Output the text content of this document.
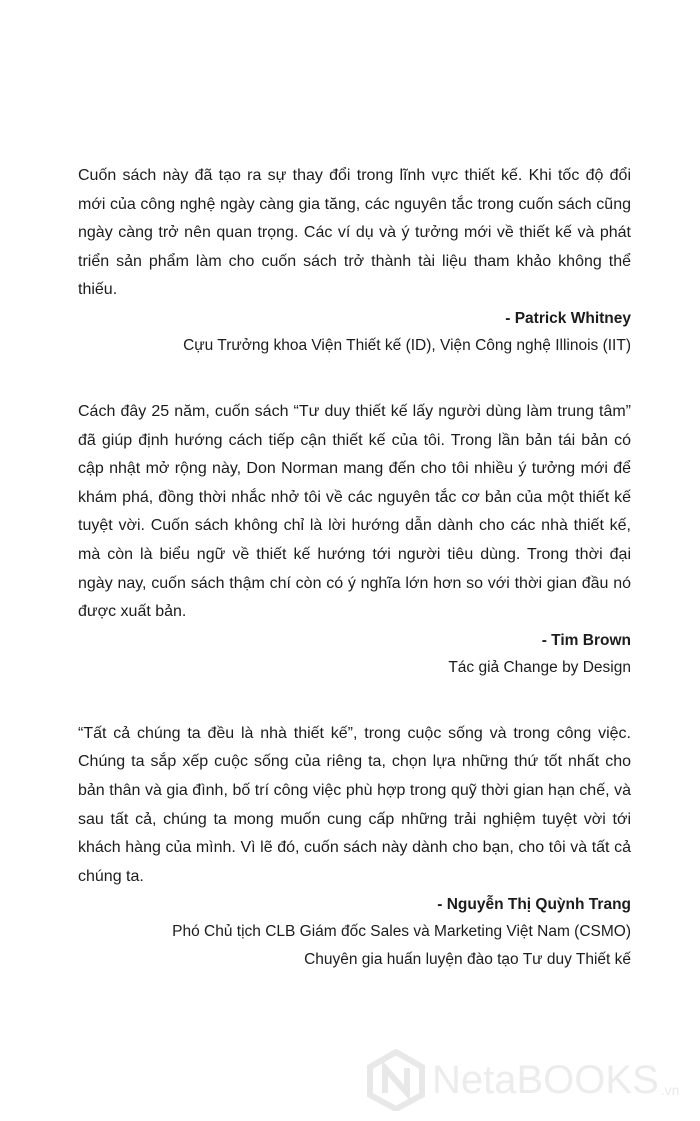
Cuốn sách này đã tạo ra sự thay đổi trong lĩnh vực thiết kế. Khi tốc độ đổi mới của công nghệ ngày càng gia tăng, các nguyên tắc trong cuốn sách cũng ngày càng trở nên quan trọng. Các ví dụ và ý tưởng mới về thiết kế và phát triển sản phẩm làm cho cuốn sách trở thành tài liệu tham khảo không thể thiếu.

- Patrick Whitney
Cựu Trưởng khoa Viện Thiết kế (ID), Viện Công nghệ Illinois (IIT)

Cách đây 25 năm, cuốn sách “Tư duy thiết kế lấy người dùng làm trung tâm” đã giúp định hướng cách tiếp cận thiết kế của tôi. Trong lần bản tái bản có cập nhật mở rộng này, Don Norman mang đến cho tôi nhiều ý tưởng mới để khám phá, đồng thời nhắc nhở tôi về các nguyên tắc cơ bản của một thiết kế tuyệt vời. Cuốn sách không chỉ là lời hướng dẫn dành cho các nhà thiết kế, mà còn là biểu ngữ về thiết kế hướng tới người tiêu dùng. Trong thời đại ngày nay, cuốn sách thậm chí còn có ý nghĩa lớn hơn so với thời gian đầu nó được xuất bản.

- Tim Brown
Tác giả Change by Design

“Tất cả chúng ta đều là nhà thiết kế”, trong cuộc sống và trong công việc. Chúng ta sắp xếp cuộc sống của riêng ta, chọn lựa những thứ tốt nhất cho bản thân và gia đình, bố trí công việc phù hợp trong quỹ thời gian hạn chế, và sau tất cả, chúng ta mong muốn cung cấp những trải nghiệm tuyệt vời tới khách hàng của mình. Vì lẽ đó, cuốn sách này dành cho bạn, cho tôi và tất cả chúng ta.

- Nguyễn Thị Quỳnh Trang
Phó Chủ tịch CLB Giám đốc Sales và Marketing Việt Nam (CSMO)
Chuyên gia huấn luyện đào tạo Tư duy Thiết kế
NetaBOOKS .vn
